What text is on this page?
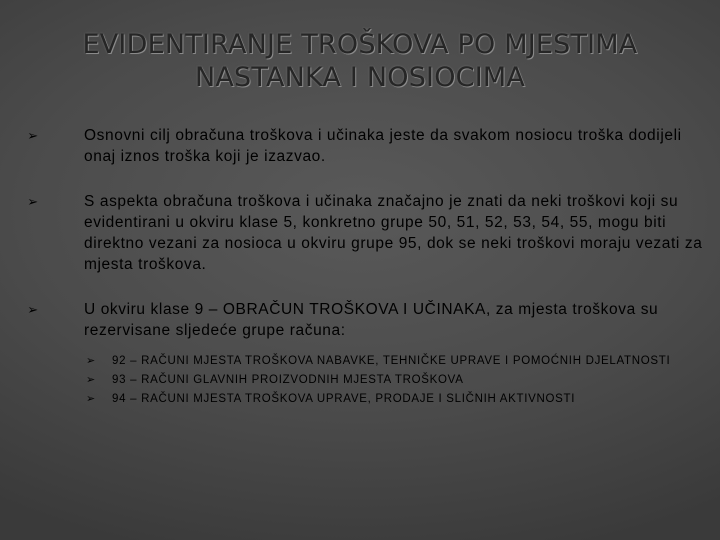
EVIDENTIRANJE TROŠKOVA PO MJESTIMA
NASTANKA I NOSIOCIMA
➢	Osnovni cilj obračuna troškova i učinaka jeste da svakom nosiocu troška dodijeli onaj iznos troška koji je izazvao.
➢	S aspekta obračuna troškova i učinaka značajno je znati da neki troškovi koji su evidentirani u okviru klase 5, konkretno grupe 50, 51, 52, 53, 54, 55, mogu biti direktno vezani za nosioca u okviru grupe 95, dok se neki troškovi moraju vezati za mjesta troškova.
➢	U okviru klase 9 – OBRAČUN TROŠKOVA I UČINAKA, za mjesta troškova su rezervisane sljedeće grupe računa:
➢ 92 – RAČUNI MJESTA TROŠKOVA NABAVKE, TEHNIČKE UPRAVE I POMOĆNIH DJELATNOSTI
➢ 93 – RAČUNI GLAVNIH PROIZVODNIH MJESTA TROŠKOVA
➢ 94 – RAČUNI MJESTA TROŠKOVA UPRAVE, PRODAJE I SLIČNIH AKTIVNOSTI
